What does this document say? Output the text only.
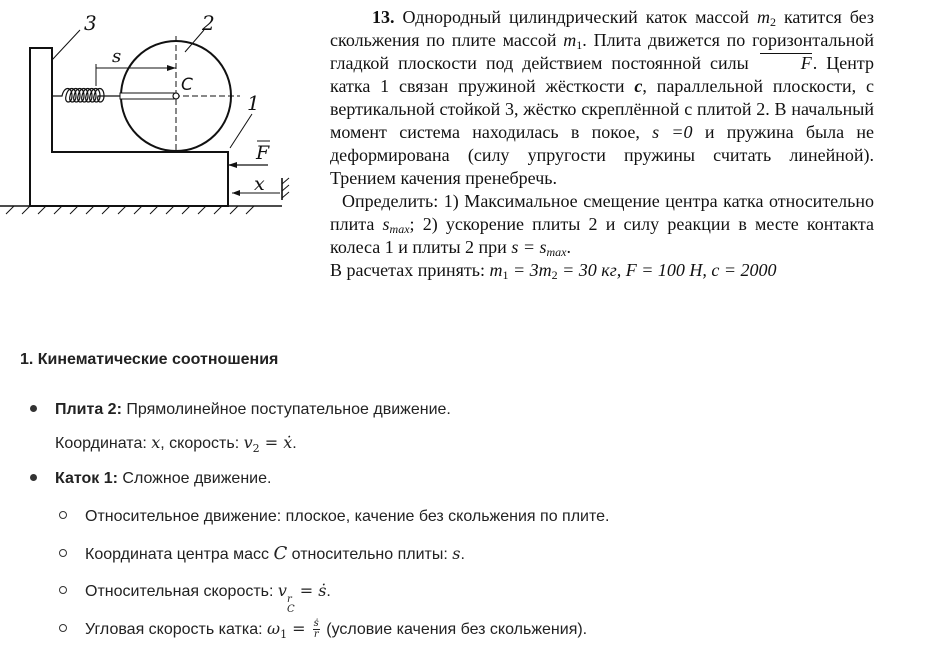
3	2
1
s
C
F
x

13. Однородный цилиндрический каток массой $m_2$ катится без скольжения по плите массой $m_1$. Плита движется по горизонтальной гладкой плоскости под действием постоянной силы F. Центр катка 1 связан пружиной жёсткости c, параллельной плоскости, с вертикальной стойкой 3, жёстко скреплённой с плитой 2. В начальный момент система находилась в покое, s =0 и пружина была не деформирована (силу упругости пружины считать линейной). Трением качения пренебречь.

Определить: 1) Максимальное смещение центра катка относительно плита $s_{max}$; 2) ускорение плиты 2 и силу реакции в месте контакта колеса 1 и плиты 2 при $s = s_{max}$.

В расчетах принять: $m_1 = 3m_2 = 30$ кг, F = 100 Н, c = 2000

1. Кинематические соотношения
Плита 2: Прямолинейное поступательное движение.
Координата: x, скорость: $v_2$ = ẋ.
Каток 1: Сложное движение.
Относительное движение: плоское, качение без скольжения по плите.
Координата центра масс C относительно плиты: s.
Относительная скорость: v r
C
= ṡ.
Угловая скорость катка: $\omega_1 = \frac{\text{ṡ}}{r}$ (условие качения без скольжения).
